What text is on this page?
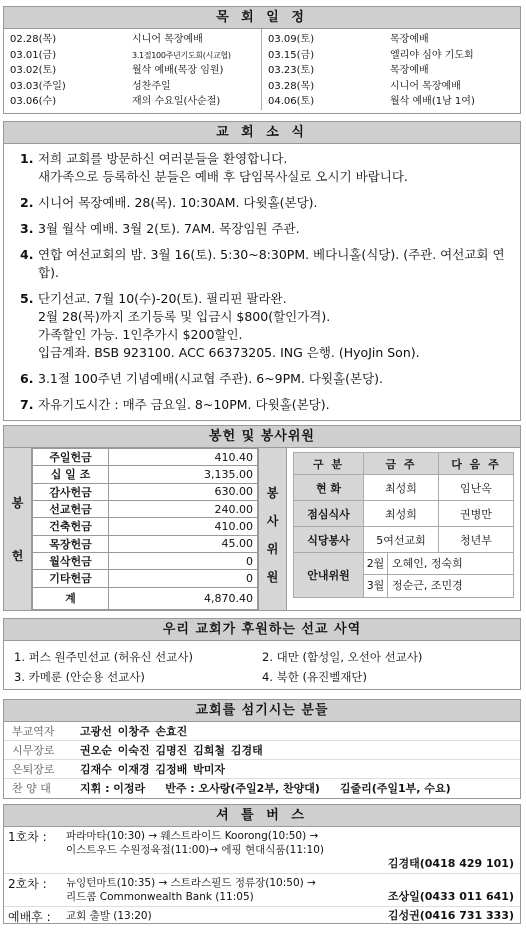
목 회 일 정
02.28(목)	시니어 목장예배
03.01(금)	3.1절100주년기도회(시교협)
03.02(토)	월삭 예배(목장 임원)
03.03(주일)	성찬주일
03.06(수)	재의 수요일(사순절)
03.09(토)	목장예배
03.15(금)	엘리야 심야 기도회
03.23(토)	목장예배
03.28(목)	시니어 목장예배
04.06(토)	월삭 예배(1남 1여)
교 회 소 식
1. 저희 교회를 방문하신 여러분들을 환영합니다.
새가족으로 등록하신 분들은 예배 후 담임목사실로 오시기 바랍니다.
2. 시니어 목장예배. 28(목). 10:30AM. 다윗홀(본당).
3. 3월 월삭 예배. 3월 2(토). 7AM. 목장임원 주관.
4. 연합 여선교회의 밤. 3월 16(토). 5:30~8:30PM. 베다니홀(식당). (주관. 여선교회 연합).
5. 단기선교. 7월 10(수)-20(토). 필리핀 팔라완.
2월 28(목)까지 조기등록 및 입금시 $800(할인가격).
가족할인 가능. 1인추가시 $200할인.
입금계좌. BSB 923100. ACC 66373205. ING 은행. (HyoJin Son).
6. 3.1절 100주년 기념예배(시교협 주관). 6~9PM. 다윗홀(본당).
7. 자유기도시간 : 매주 금요일. 8~10PM. 다윗홀(본당).
봉헌 및 봉사위원
봉
헌
주일헌금	410.40
십 일 조	3,135.00
감사헌금	630.00
선교헌금	240.00
건축헌금	410.00
목장헌금	45.00
월삭헌금	0
기타헌금	0
계	4,870.40
봉
사
위
원
구 분	금 주	다 음 주
현 화	최성희	임난옥
점심식사	최성희	권병만
식당봉사	5여선교회	청년부
안내위원	2월 오혜인, 정숙희
3월 정순근, 조민경	
우리 교회가 후원하는 선교 사역
1. 퍼스 원주민선교 (허유신 선교사)	2. 대만 (함성일, 오선아 선교사)
3. 카메룬 (안순용 선교사)	4. 북한 (유진벨재단)
교회를 섬기시는 분들
부교역자	고광선 이창주 손효진
시무장로	권오순 이숙진 김명진 김희철 김경태
은퇴장로	김재수 이재경 김정배 박미자
찬 양 대	지휘 : 이정라 반주 : 오사랑(주일2부, 찬양대) 김줄리(주일1부, 수요)
셔 틀 버 스
1호차 :	파라마타(10:30) → 웨스트라이드 Koorong(10:50) →
이스트우드 수원정육점(11:00)→ 에핑 현대식품(11:10)
김경태(0418 429 101)
2호차 :	뉴잉턴마트(10:35) → 스트라스필드 정류장(10:50) →
리드콤 Commonwealth Bank (11:05)	조상일(0433 011 641)
예배후 :	교회 출발 (13:20)	김성권(0416 731 333)
